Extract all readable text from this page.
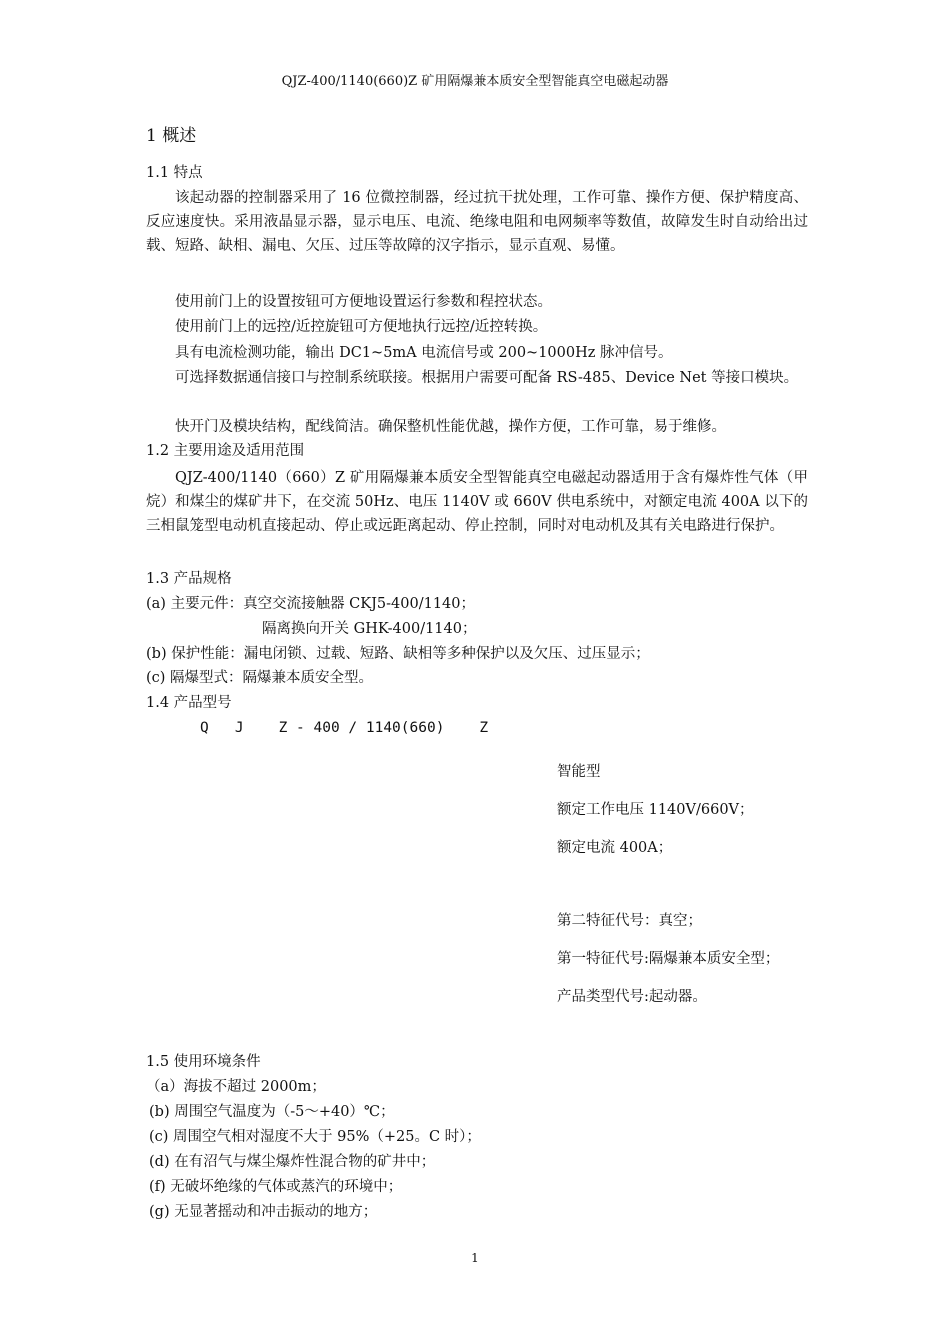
QJZ-400/1140(660)Z 矿用隔爆兼本质安全型智能真空电磁起动器
1 概述
1.1 特点
该起动器的控制器采用了 16 位微控制器，经过抗干扰处理，工作可靠、操作方便、保护精度高、反应速度快。采用液晶显示器，显示电压、电流、绝缘电阻和电网频率等数值，故障发生时自动给出过载、短路、缺相、漏电、欠压、过压等故障的汉字指示，显示直观、易懂。
使用前门上的设置按钮可方便地设置运行参数和程控状态。
使用前门上的远控/近控旋钮可方便地执行远控/近控转换。
具有电流检测功能，输出 DC1~5mA 电流信号或 200~1000Hz 脉冲信号。
可选择数据通信接口与控制系统联接。根据用户需要可配备 RS-485、Device Net 等接口模块。
快开门及模块结构，配线简洁。确保整机性能优越，操作方便，工作可靠，易于维修。
1.2 主要用途及适用范围
QJZ-400/1140（660）Z 矿用隔爆兼本质安全型智能真空电磁起动器适用于含有爆炸性气体（甲烷）和煤尘的煤矿井下，在交流 50Hz、电压 1140V 或 660V 供电系统中，对额定电流 400A 以下的三相鼠笼型电动机直接起动、停止或远距离起动、停止控制，同时对电动机及其有关电路进行保护。
1.3 产品规格
(a) 主要元件：真空交流接触器 CKJ5-400/1140；
隔离换向开关 GHK-400/1140；
(b) 保护性能：漏电闭锁、过载、短路、缺相等多种保护以及欠压、过压显示；
(c) 隔爆型式：隔爆兼本质安全型。
1.4 产品型号
Q   J    Z - 400 / 1140(660)    Z
智能型
额定工作电压 1140V/660V；
额定电流 400A；
第二特征代号：真空；
第一特征代号:隔爆兼本质安全型；
产品类型代号:起动器。
1.5 使用环境条件
（a）海拔不超过 2000m；
(b) 周围空气温度为（-5～+40）℃；
(c) 周围空气相对湿度不大于 95%（+25。C 时）；
(d) 在有沼气与煤尘爆炸性混合物的矿井中；
(f) 无破坏绝缘的气体或蒸汽的环境中；
(g) 无显著摇动和冲击振动的地方；
1
